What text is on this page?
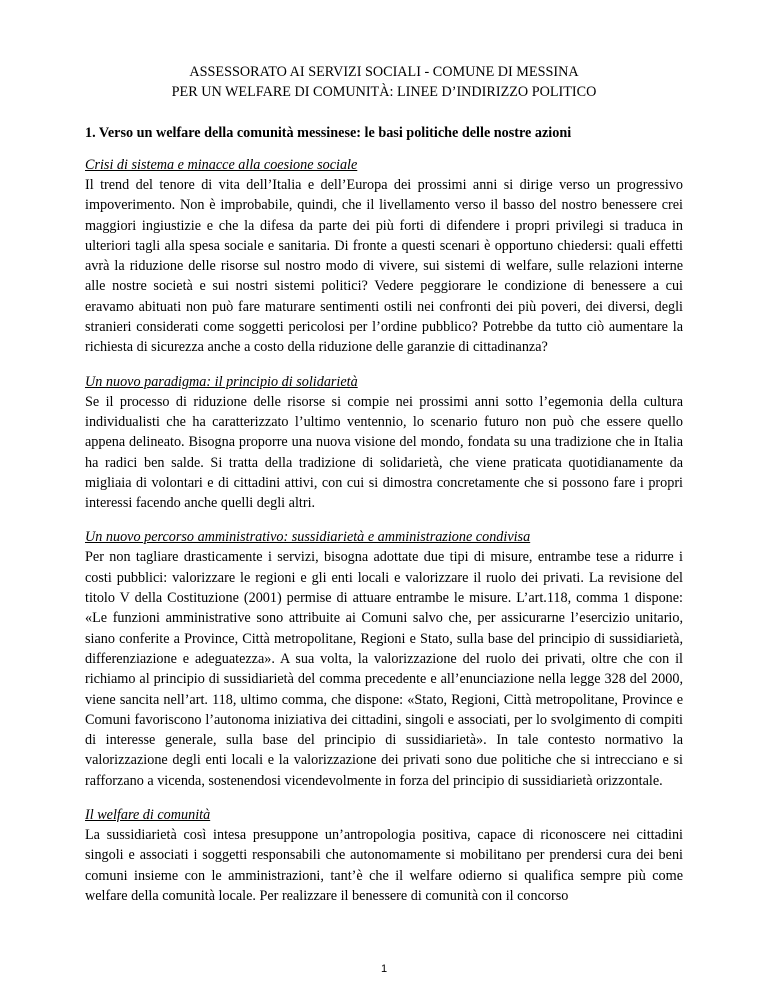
ASSESSORATO AI SERVIZI SOCIALI - COMUNE DI MESSINA

PER UN WELFARE DI COMUNITÀ: LINEE D’INDIRIZZO POLITICO

1. Verso un welfare della comunità messinese: le basi politiche delle nostre azioni

Crisi di sistema e minacce alla coesione sociale

Il trend del tenore di vita dell’Italia e dell’Europa dei prossimi anni si dirige verso un progressivo impoverimento. Non è improbabile, quindi, che il livellamento verso il basso del nostro benessere crei maggiori ingiustizie e che la difesa da parte dei più forti di difendere i propri privilegi si traduca in ulteriori tagli alla spesa sociale e sanitaria. Di fronte a questi scenari è opportuno chiedersi: quali effetti avrà la riduzione delle risorse sul nostro modo di vivere, sui sistemi di welfare, sulle relazioni interne alle nostre società e sui nostri sistemi politici? Vedere peggiorare le condizione di benessere a cui eravamo abituati non può fare maturare sentimenti ostili nei confronti dei più poveri, dei diversi, degli stranieri considerati come soggetti pericolosi per l’ordine pubblico? Potrebbe da tutto ciò aumentare la richiesta di sicurezza anche a costo della riduzione delle garanzie di cittadinanza?

Un nuovo paradigma: il principio di solidarietà

Se il processo di riduzione delle risorse si compie nei prossimi anni sotto l’egemonia della cultura individualisti che ha caratterizzato l’ultimo ventennio, lo scenario futuro non può che essere quello appena delineato. Bisogna proporre una nuova visione del mondo, fondata su una tradizione che in Italia ha radici ben salde. Si tratta della tradizione di solidarietà, che viene praticata quotidianamente da migliaia di volontari e di cittadini attivi, con cui si dimostra concretamente che si possono fare i propri interessi facendo anche quelli degli altri.

Un nuovo percorso amministrativo: sussidiarietà e amministrazione condivisa

Per non tagliare drasticamente i servizi, bisogna adottate due tipi di misure, entrambe tese a ridurre i costi pubblici: valorizzare le regioni e gli enti locali e valorizzare il ruolo dei privati. La revisione del titolo V della Costituzione (2001) permise di attuare entrambe le misure. L’art.118, comma 1 dispone: «Le funzioni amministrative sono attribuite ai Comuni salvo che, per assicurarne l’esercizio unitario, siano conferite a Province, Città metropolitane, Regioni e Stato, sulla base del principio di sussidiarietà, differenziazione e adeguatezza». A sua volta, la valorizzazione del ruolo dei privati, oltre che con il richiamo al principio di sussidiarietà del comma precedente e all’enunciazione nella legge 328 del 2000, viene sancita nell’art. 118, ultimo comma, che dispone: «Stato, Regioni, Città metropolitane, Province e Comuni favoriscono l’autonoma iniziativa dei cittadini, singoli e associati, per lo svolgimento di compiti di interesse generale, sulla base del principio di sussidiarietà». In tale contesto normativo la valorizzazione degli enti locali e la valorizzazione dei privati sono due politiche che si intrecciano e si rafforzano a vicenda, sostenendosi vicendevolmente in forza del principio di sussidiarietà orizzontale.

Il welfare di comunità

La sussidiarietà così intesa presuppone un’antropologia positiva, capace di riconoscere nei cittadini singoli e associati i soggetti responsabili che autonomamente si mobilitano per prendersi cura dei beni comuni insieme con le amministrazioni, tant’è che il welfare odierno si qualifica sempre più come welfare della comunità locale. Per realizzare il benessere di comunità con il concorso

1
